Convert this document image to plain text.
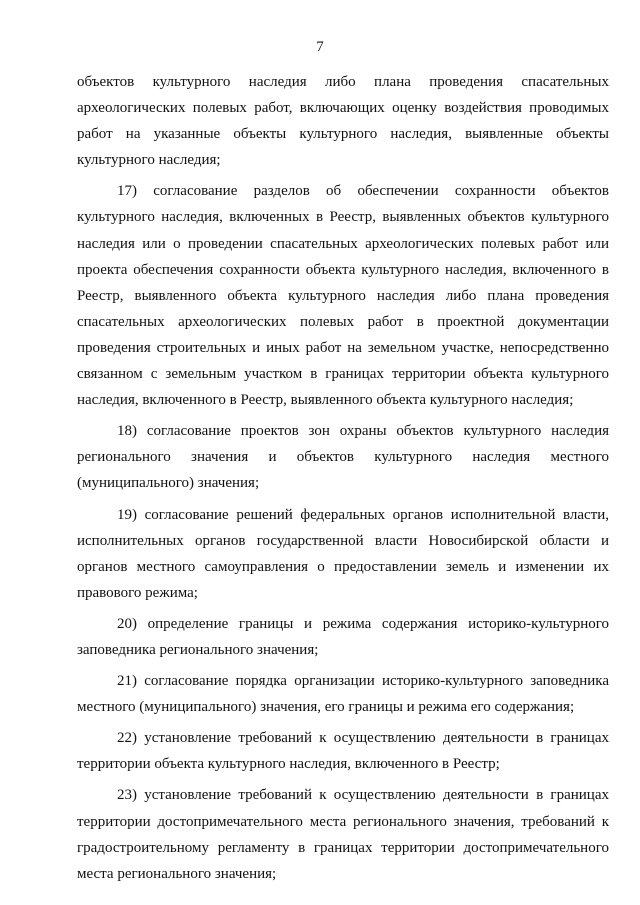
7

объектов культурного наследия либо плана проведения спасательных археологических полевых работ, включающих оценку воздействия проводимых работ на указанные объекты культурного наследия, выявленные объекты культурного наследия;

17) согласование разделов об обеспечении сохранности объектов культурного наследия, включенных в Реестр, выявленных объектов культурного наследия или о проведении спасательных археологических полевых работ или проекта обеспечения сохранности объекта культурного наследия, включенного в Реестр, выявленного объекта культурного наследия либо плана проведения спасательных археологических полевых работ в проектной документации проведения строительных и иных работ на земельном участке, непосредственно связанном с земельным участком в границах территории объекта культурного наследия, включенного в Реестр, выявленного объекта культурного наследия;

18) согласование проектов зон охраны объектов культурного наследия регионального значения и объектов культурного наследия местного (муниципального) значения;

19) согласование решений федеральных органов исполнительной власти, исполнительных органов государственной власти Новосибирской области и органов местного самоуправления о предоставлении земель и изменении их правового режима;

20) определение границы и режима содержания историко-культурного заповедника регионального значения;

21) согласование порядка организации историко-культурного заповедника местного (муниципального) значения, его границы и режима его содержания;

22) установление требований к осуществлению деятельности в границах территории объекта культурного наследия, включенного в Реестр;

23) установление требований к осуществлению деятельности в границах территории достопримечательного места регионального значения, требований к градостроительному регламенту в границах территории достопримечательного места регионального значения;
